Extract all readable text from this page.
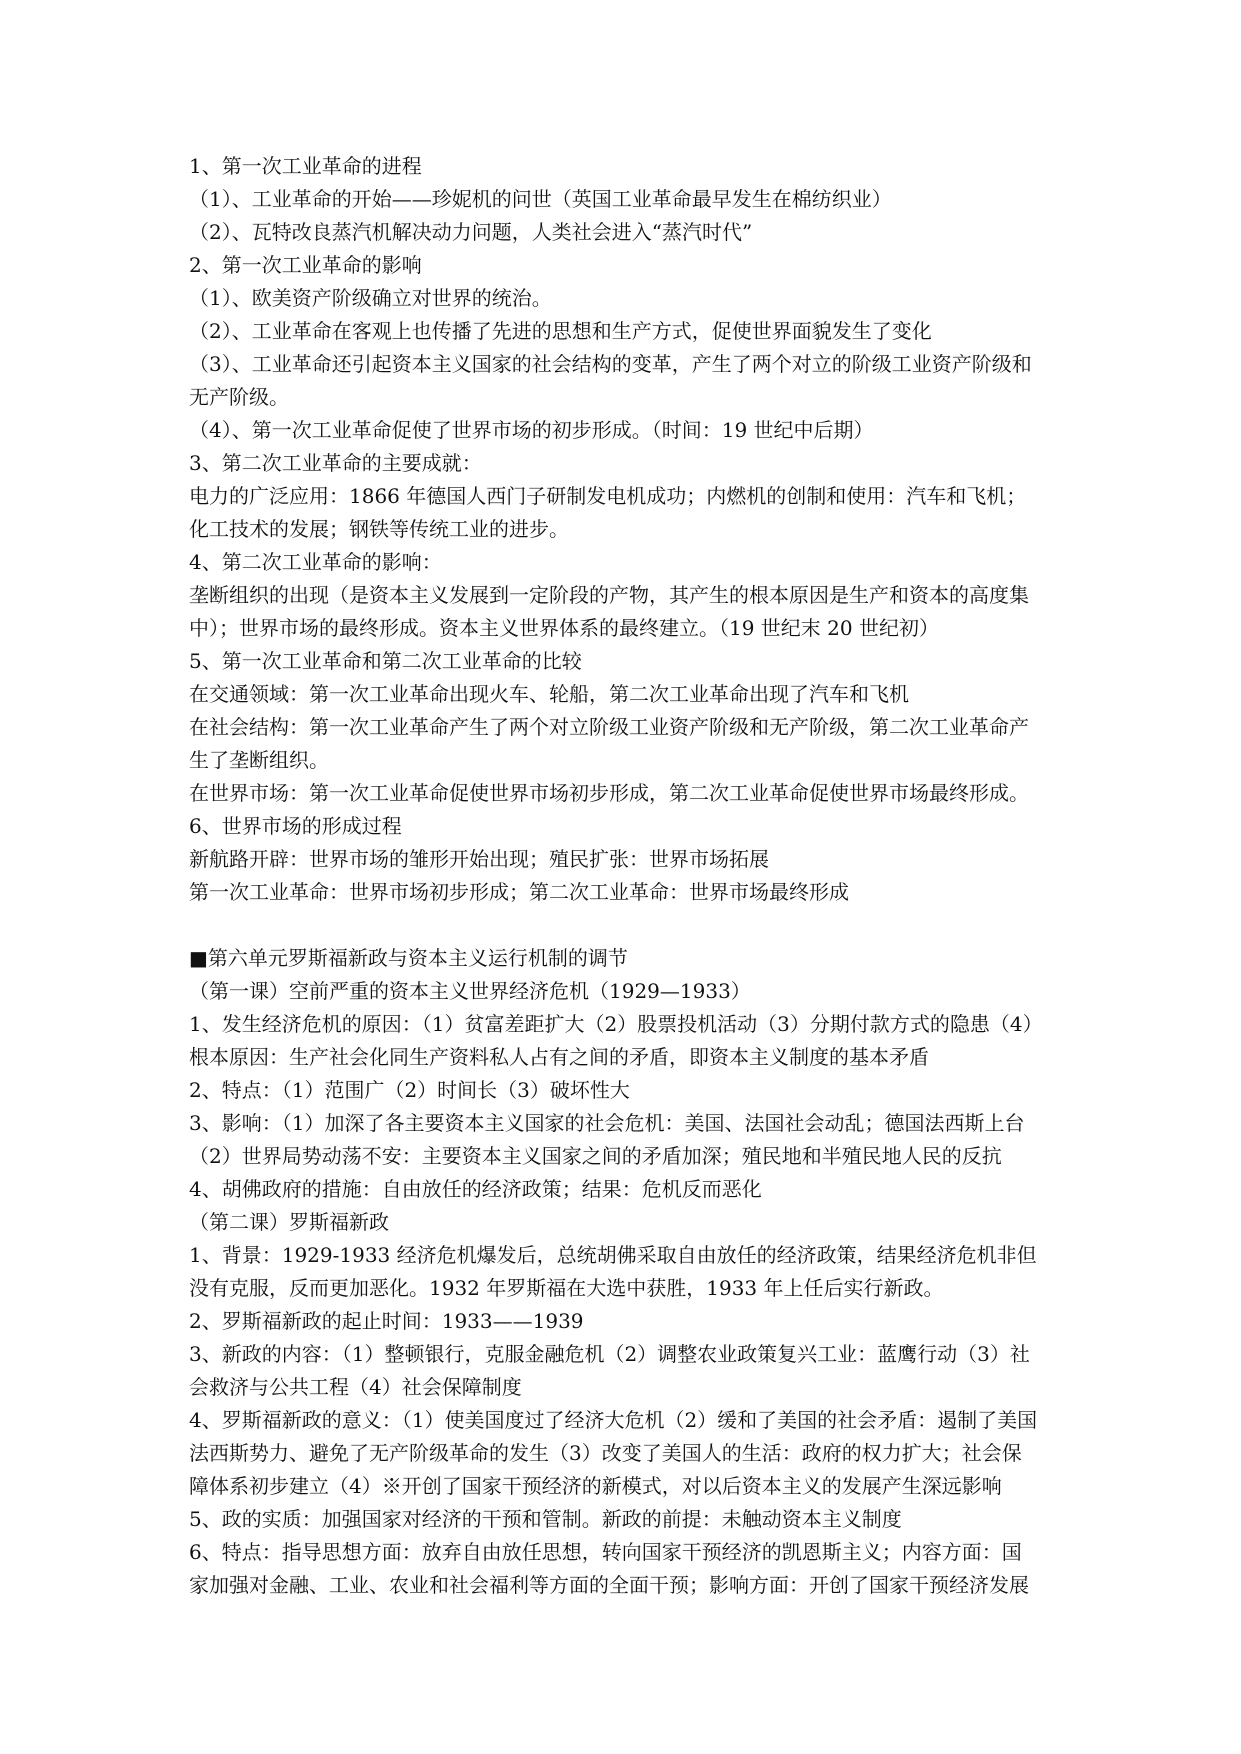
1、第一次工业革命的进程
（1）、工业革命的开始——珍妮机的问世（英国工业革命最早发生在棉纺织业）
（2）、瓦特改良蒸汽机解决动力问题，人类社会进入“蒸汽时代”
2、第一次工业革命的影响
（1）、欧美资产阶级确立对世界的统治。
（2）、工业革命在客观上也传播了先进的思想和生产方式，促使世界面貌发生了变化
（3）、工业革命还引起资本主义国家的社会结构的变革，产生了两个对立的阶级工业资产阶级和
无产阶级。
（4）、第一次工业革命促使了世界市场的初步形成。（时间：19 世纪中后期）
3、第二次工业革命的主要成就：
电力的广泛应用：1866 年德国人西门子研制发电机成功；内燃机的创制和使用：汽车和飞机；
化工技术的发展；钢铁等传统工业的进步。
4、第二次工业革命的影响：
垄断组织的出现（是资本主义发展到一定阶段的产物，其产生的根本原因是生产和资本的高度集
中）；世界市场的最终形成。资本主义世界体系的最终建立。（19 世纪末 20 世纪初）
5、第一次工业革命和第二次工业革命的比较
在交通领域：第一次工业革命出现火车、轮船，第二次工业革命出现了汽车和飞机
在社会结构：第一次工业革命产生了两个对立阶级工业资产阶级和无产阶级，第二次工业革命产
生了垄断组织。
在世界市场：第一次工业革命促使世界市场初步形成，第二次工业革命促使世界市场最终形成。
6、世界市场的形成过程
新航路开辟：世界市场的雏形开始出现；殖民扩张：世界市场拓展
第一次工业革命：世界市场初步形成；第二次工业革命：世界市场最终形成
■第六单元罗斯福新政与资本主义运行机制的调节
（第一课）空前严重的资本主义世界经济危机（1929—1933）
1、发生经济危机的原因：（1）贫富差距扩大（2）股票投机活动（3）分期付款方式的隐患（4）
根本原因：生产社会化同生产资料私人占有之间的矛盾，即资本主义制度的基本矛盾
2、特点：（1）范围广（2）时间长（3）破坏性大
3、影响：（1）加深了各主要资本主义国家的社会危机：美国、法国社会动乱；德国法西斯上台
（2）世界局势动荡不安：主要资本主义国家之间的矛盾加深；殖民地和半殖民地人民的反抗
4、胡佛政府的措施：自由放任的经济政策；结果：危机反而恶化
（第二课）罗斯福新政
1、背景：1929-1933 经济危机爆发后，总统胡佛采取自由放任的经济政策，结果经济危机非但
没有克服，反而更加恶化。1932 年罗斯福在大选中获胜，1933 年上任后实行新政。
2、罗斯福新政的起止时间：1933——1939
3、新政的内容：（1）整顿银行，克服金融危机（2）调整农业政策复兴工业：蓝鹰行动（3）社
会救济与公共工程（4）社会保障制度
4、罗斯福新政的意义：（1）使美国度过了经济大危机（2）缓和了美国的社会矛盾：遏制了美国
法西斯势力、避免了无产阶级革命的发生（3）改变了美国人的生活：政府的权力扩大；社会保
障体系初步建立（4）※开创了国家干预经济的新模式，对以后资本主义的发展产生深远影响
5、政的实质：加强国家对经济的干预和管制。新政的前提：未触动资本主义制度
6、特点：指导思想方面：放弃自由放任思想，转向国家干预经济的凯恩斯主义；内容方面：国
家加强对金融、工业、农业和社会福利等方面的全面干预；影响方面：开创了国家干预经济发展
